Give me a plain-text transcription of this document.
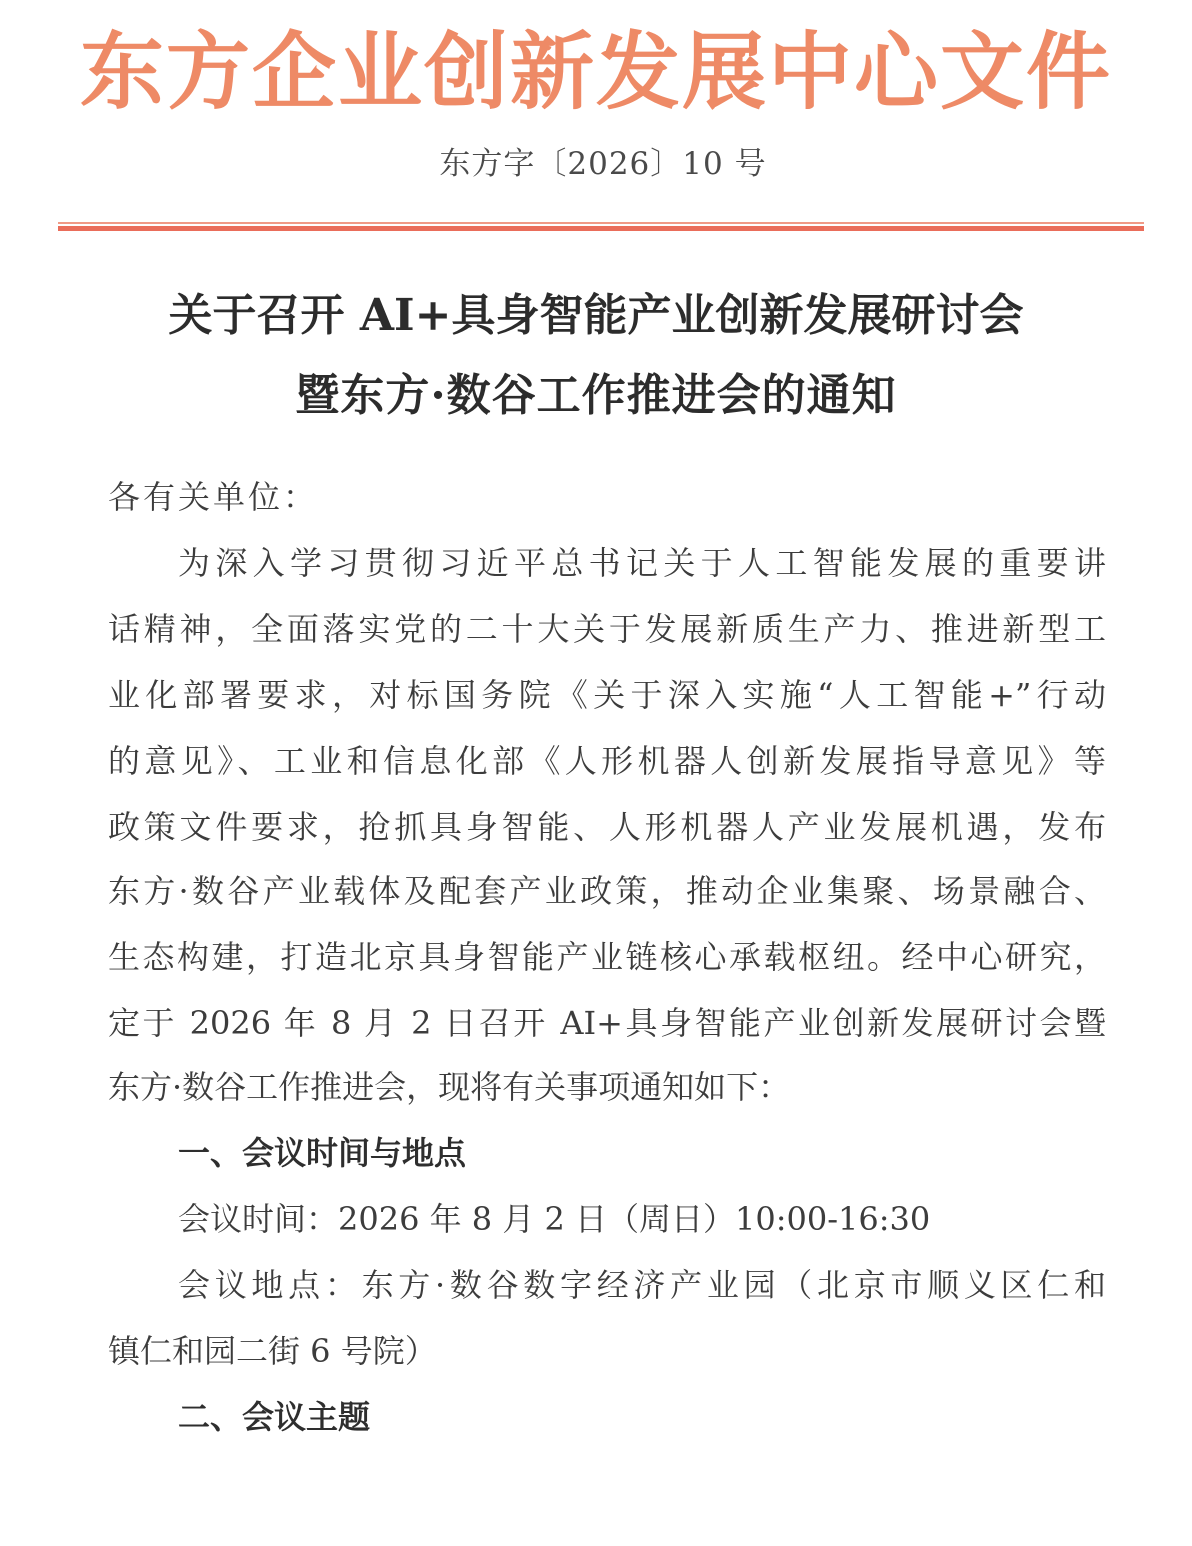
东方企业创新发展中心文件
东方字〔2026〕10 号
关于召开 AI+具身智能产业创新发展研讨会
暨东方·数谷工作推进会的通知
各有关单位：
为深入学习贯彻习近平总书记关于人工智能发展的重要讲
话精神，全面落实党的二十大关于发展新质生产力、推进新型工
业化部署要求，对标国务院《关于深入实施“人工智能+”行动
的意见》、工业和信息化部《人形机器人创新发展指导意见》等
政策文件要求，抢抓具身智能、人形机器人产业发展机遇，发布
东方·数谷产业载体及配套产业政策，推动企业集聚、场景融合、
生态构建，打造北京具身智能产业链核心承载枢纽。经中心研究，
定于 2026 年 8 月 2 日召开 AI+具身智能产业创新发展研讨会暨
东方·数谷工作推进会，现将有关事项通知如下：
一、会议时间与地点
会议时间：2026 年 8 月 2 日（周日）10:00-16:30
会议地点：东方·数谷数字经济产业园（北京市顺义区仁和
镇仁和园二街 6 号院）
二、会议主题
